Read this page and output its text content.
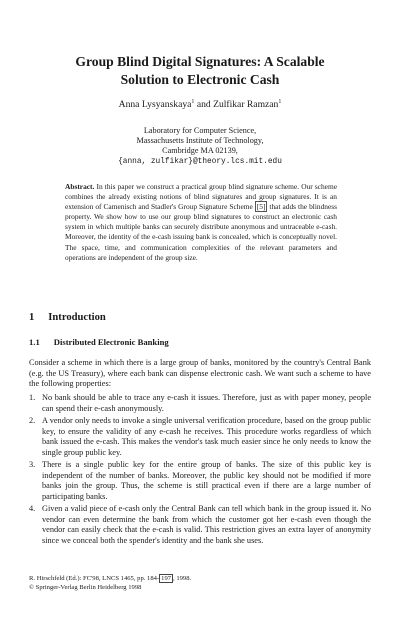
Group Blind Digital Signatures: A Scalable
Solution to Electronic Cash
Anna Lysyanskaya$^1$ and Zulfikar Ramzan$^1$
Laboratory for Computer Science,
Massachusetts Institute of Technology,
Cambridge MA 02139,
{anna, zulfikar}@theory.lcs.mit.edu
Abstract. In this paper we construct a practical group blind signature scheme. Our scheme combines the already existing notions of blind signatures and group signatures. It is an extension of Camenisch and Stadler's Group Signature Scheme [5] that adds the blindness property. We show how to use our group blind signatures to construct an electronic cash system in which multiple banks can securely distribute anonymous and untraceable e-cash. Moreover, the identity of the e-cash issuing bank is concealed, which is conceptually novel. The space, time, and communication complexities of the relevant parameters and operations are independent of the group size.
1 Introduction
1.1 Distributed Electronic Banking
Consider a scheme in which there is a large group of banks, monitored by the country's Central Bank (e.g. the US Treasury), where each bank can dispense electronic cash. We want such a scheme to have the following properties:
1. No bank should be able to trace any e-cash it issues. Therefore, just as with paper money, people can spend their e-cash anonymously.
2. A vendor only needs to invoke a single universal verification procedure, based on the group public key, to ensure the validity of any e-cash he receives. This procedure works regardless of which bank issued the e-cash. This makes the vendor's task much easier since he only needs to know the single group public key.
3. There is a single public key for the entire group of banks. The size of this public key is independent of the number of banks. Moreover, the public key should not be modified if more banks join the group. Thus, the scheme is still practical even if there are a large number of participating banks.
4. Given a valid piece of e-cash only the Central Bank can tell which bank in the group issued it. No vendor can even determine the bank from which the customer got her e-cash even though the vendor can easily check that the e-cash is valid. This restriction gives an extra layer of anonymity since we conceal both the spender's identity and the bank she uses.
R. Hirschfeld (Ed.): FC'98, LNCS 1465, pp. 184- 197 , 1998.
© Springer-Verlag Berlin Heidelberg 1998
